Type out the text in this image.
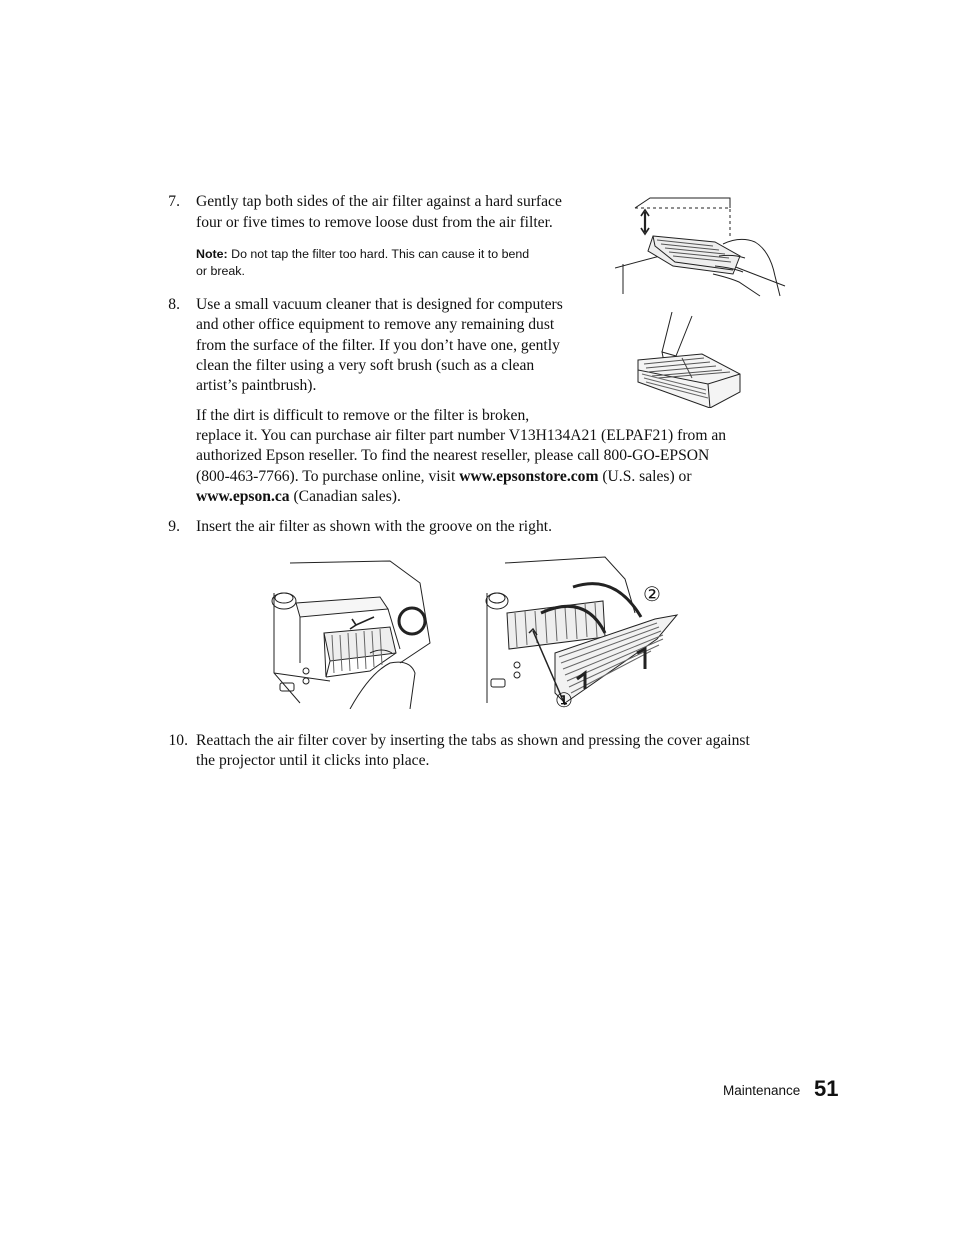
7. Gently tap both sides of the air filter against a hard surface
four or five times to remove loose dust from the air filter.
Note: Do not tap the filter too hard. This can cause it to bend
or break.
8. Use a small vacuum cleaner that is designed for computers
and other office equipment to remove any remaining dust
from the surface of the filter. If you don’t have one, gently
clean the filter using a very soft brush (such as a clean
artist’s paintbrush).
If the dirt is difficult to remove or the filter is broken,
replace it. You can purchase air filter part number V13H134A21 (ELPAF21) from an
authorized Epson reseller. To find the nearest reseller, please call 800-GO-EPSON
(800-463-7766). To purchase online, visit www.epsonstore.com (U.S. sales) or
www.epson.ca (Canadian sales).
9. Insert the air filter as shown with the groove on the right.
②
①
10. Reattach the air filter cover by inserting the tabs as shown and pressing the cover against
the projector until it clicks into place.
Maintenance 51
